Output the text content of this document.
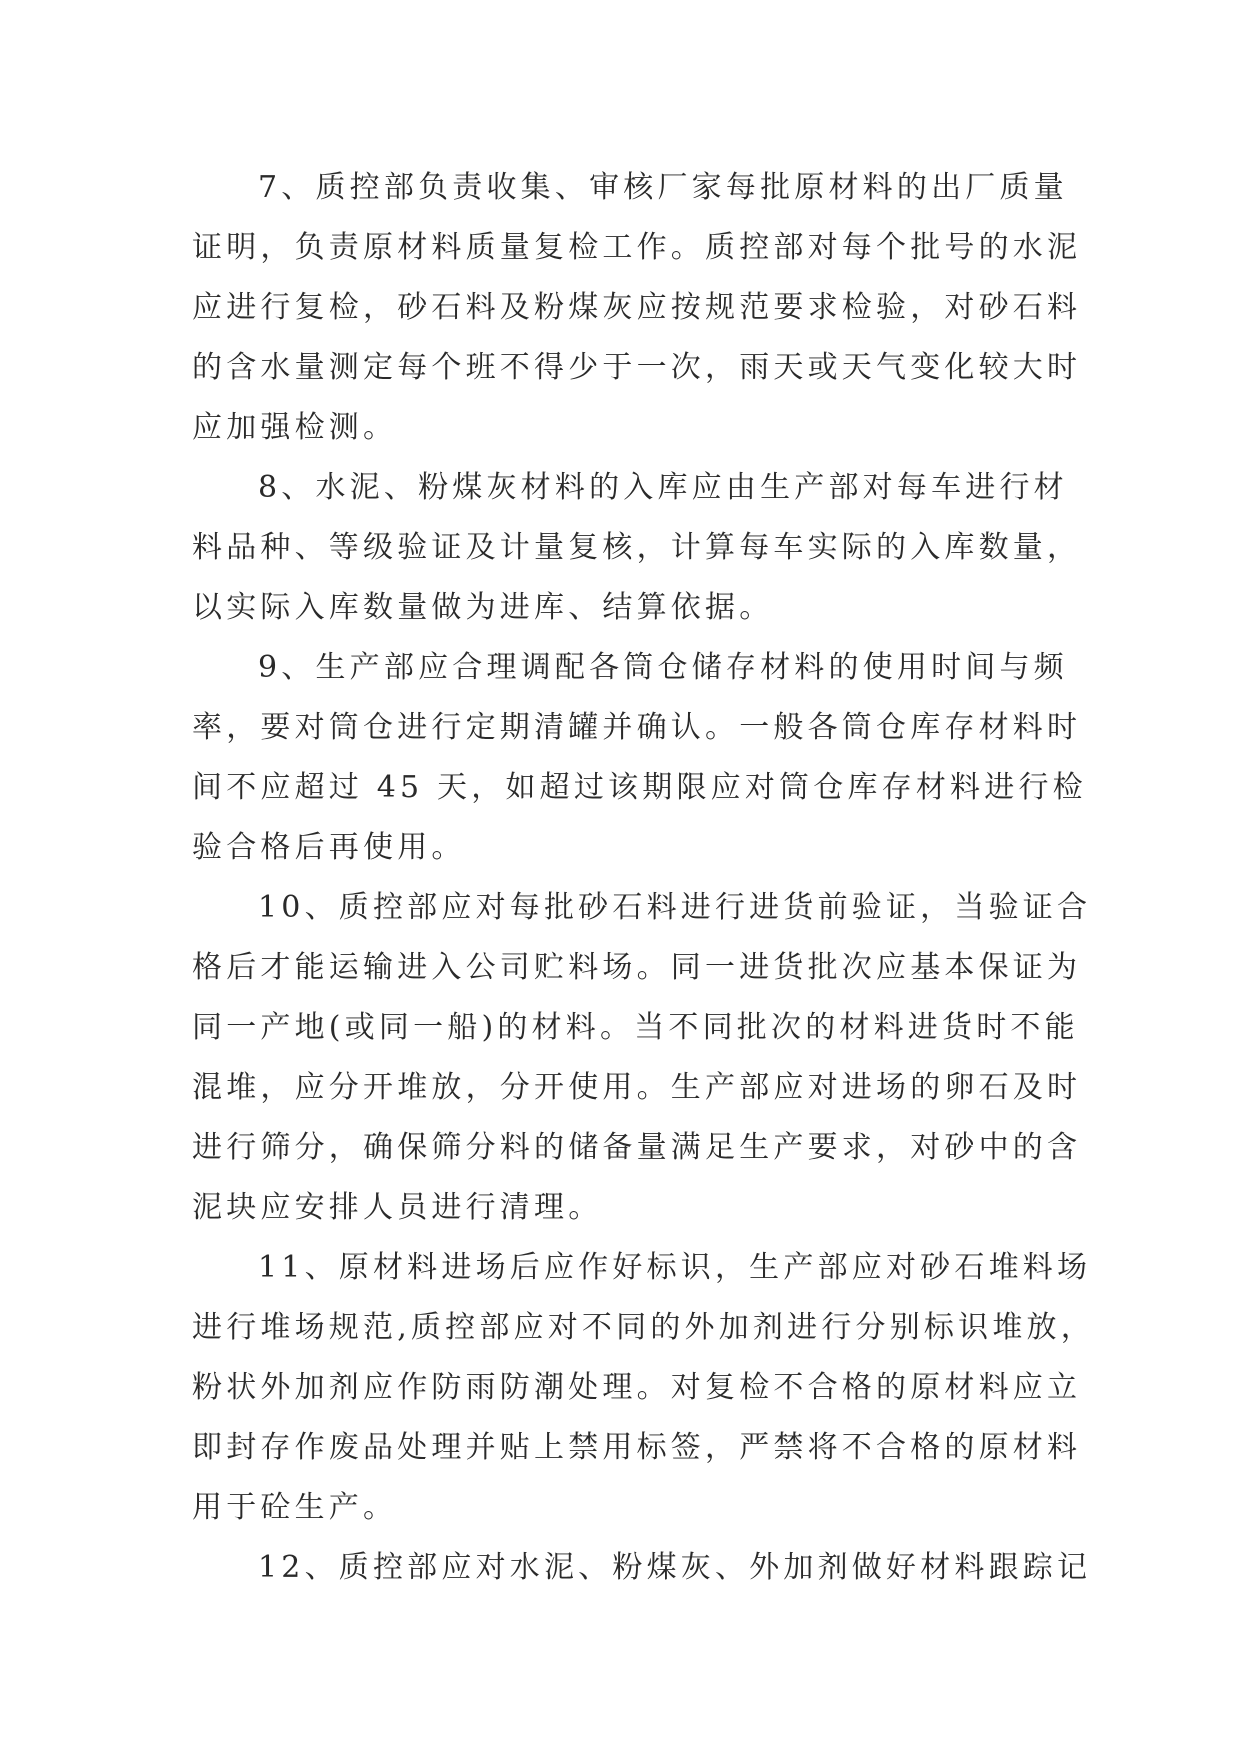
7、质控部负责收集、审核厂家每批原材料的出厂质量
证明，负责原材料质量复检工作。质控部对每个批号的水泥
应进行复检，砂石料及粉煤灰应按规范要求检验，对砂石料
的含水量测定每个班不得少于一次，雨天或天气变化较大时
应加强检测。
8、水泥、粉煤灰材料的入库应由生产部对每车进行材
料品种、等级验证及计量复核，计算每车实际的入库数量，
以实际入库数量做为进库、结算依据。
9、生产部应合理调配各筒仓储存材料的使用时间与频
率，要对筒仓进行定期清罐并确认。一般各筒仓库存材料时
间不应超过 45 天，如超过该期限应对筒仓库存材料进行检
验合格后再使用。
10、质控部应对每批砂石料进行进货前验证，当验证合
格后才能运输进入公司贮料场。同一进货批次应基本保证为
同一产地(或同一船)的材料。当不同批次的材料进货时不能
混堆，应分开堆放，分开使用。生产部应对进场的卵石及时
进行筛分，确保筛分料的储备量满足生产要求，对砂中的含
泥块应安排人员进行清理。
11、原材料进场后应作好标识，生产部应对砂石堆料场
进行堆场规范,质控部应对不同的外加剂进行分别标识堆放，
粉状外加剂应作防雨防潮处理。对复检不合格的原材料应立
即封存作废品处理并贴上禁用标签，严禁将不合格的原材料
用于砼生产。
12、质控部应对水泥、粉煤灰、外加剂做好材料跟踪记
